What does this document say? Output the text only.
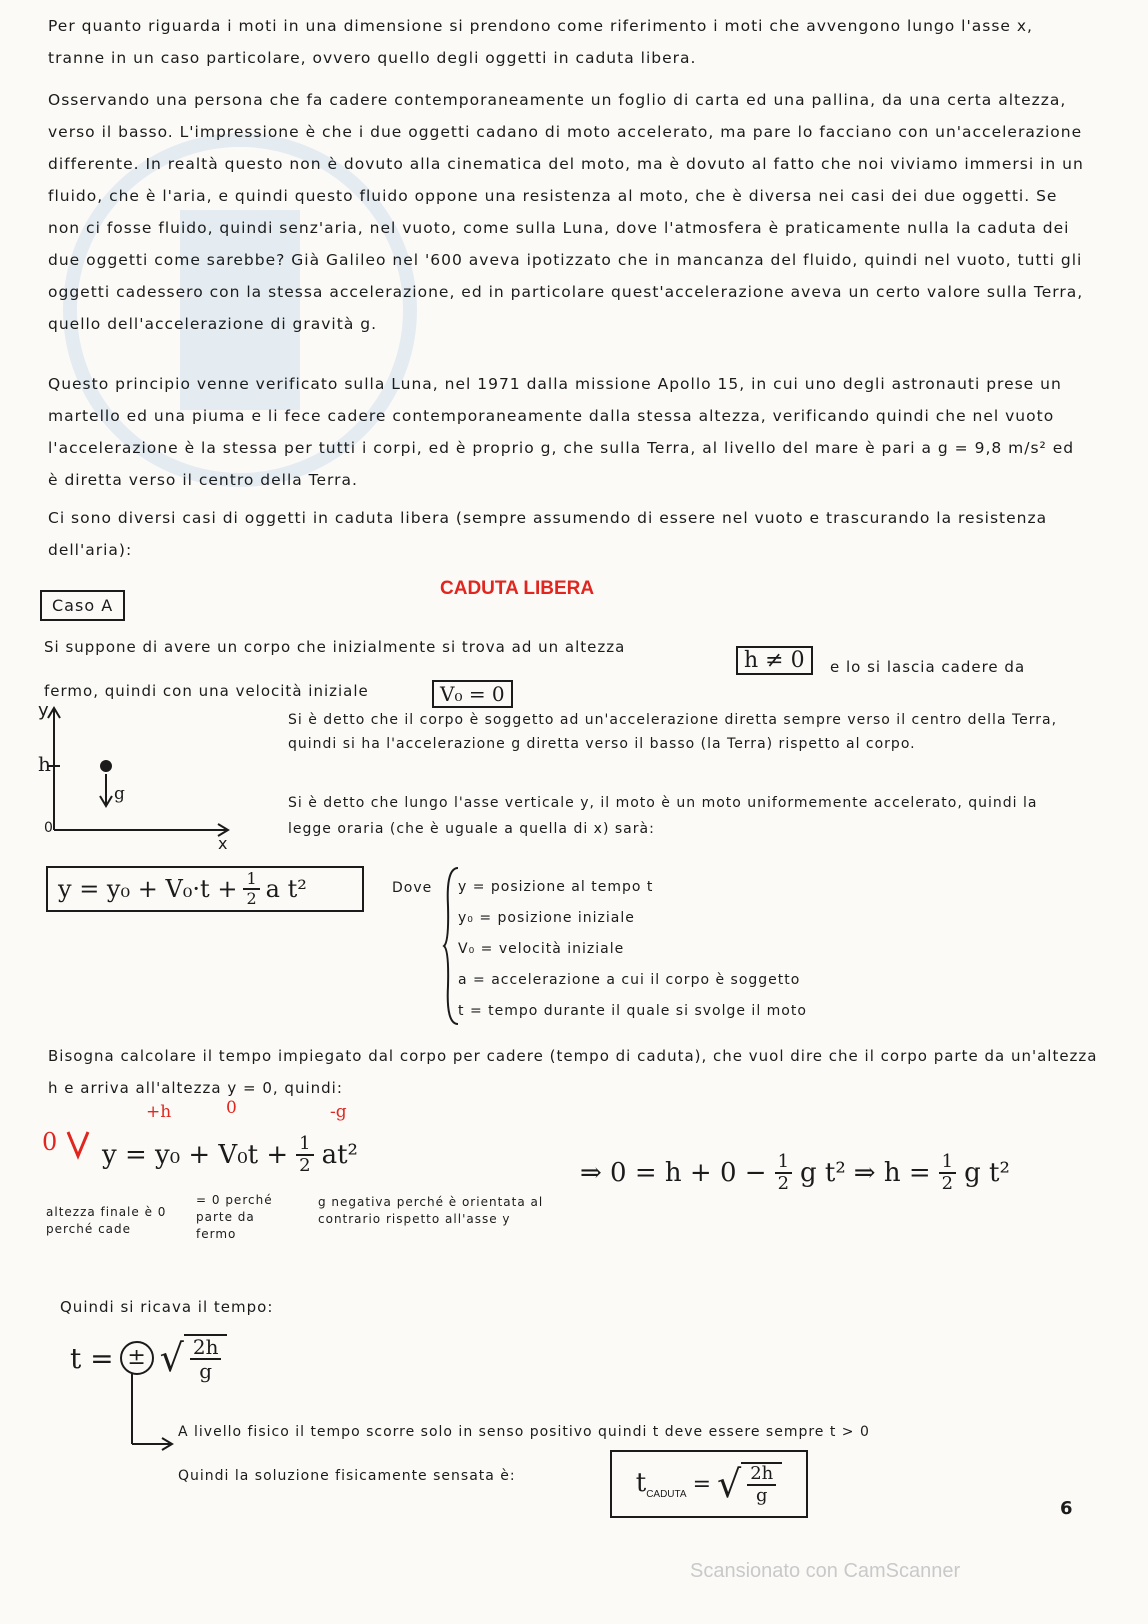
Per quanto riguarda i moti in una dimensione si prendono come riferimento i moti che avvengono lungo l'asse x, tranne in un caso particolare, ovvero quello degli oggetti in caduta libera.

Osservando una persona che fa cadere contemporaneamente un foglio di carta ed una pallina, da una certa altezza, verso il basso. L'impressione è che i due oggetti cadano di moto accelerato, ma pare lo facciano con un'accelerazione differente. In realtà questo non è dovuto alla cinematica del moto, ma è dovuto al fatto che noi viviamo immersi in un fluido, che è l'aria, e quindi questo fluido oppone una resistenza al moto, che è diversa nei casi dei due oggetti. Se non ci fosse fluido, quindi senz'aria, nel vuoto, come sulla Luna, dove l'atmosfera è praticamente nulla la caduta dei due oggetti come sarebbe? Già Galileo nel '600 aveva ipotizzato che in mancanza del fluido, quindi nel vuoto, tutti gli oggetti cadessero con la stessa accelerazione, ed in particolare quest'accelerazione aveva un certo valore sulla Terra, quello dell'accelerazione di gravità g.

Questo principio venne verificato sulla Luna, nel 1971 dalla missione Apollo 15, in cui uno degli astronauti prese un martello ed una piuma e li fece cadere contemporaneamente dalla stessa altezza, verificando quindi che nel vuoto l'accelerazione è la stessa per tutti i corpi, ed è proprio g, che sulla Terra, al livello del mare è pari a g = 9,8 m/s² ed è diretta verso il centro della Terra.

Ci sono diversi casi di oggetti in caduta libera (sempre assumendo di essere nel vuoto e trascurando la resistenza dell'aria):

CADUTA LIBERA
Caso A
Si suppone di avere un corpo che inizialmente si trova ad un altezza
h ≠ 0	e lo si lascia cadere da
fermo, quindi con una velocità iniziale	V₀ = 0
y
h
0
x
g
Si è detto che il corpo è soggetto ad un'accelerazione diretta sempre verso il centro della Terra, quindi si ha l'accelerazione g diretta verso il basso (la Terra) rispetto al corpo.
Si è detto che lungo l'asse verticale y, il moto è un moto uniformemente accelerato, quindi la legge oraria (che è uguale a quella di x) sarà:
$y = y_0 + V_0\cdot t + \frac{1}{2}$ a t²	Dove y = posizione al tempo t
y₀ = posizione iniziale
V₀ = velocità iniziale
a = accelerazione a cui il corpo è soggetto
t = tempo durante il quale si svolge il moto
Bisogna calcolare il tempo impiegato dal corpo per cadere (tempo di caduta), che vuol dire che il corpo parte da un'altezza h e arriva all'altezza y = 0, quindi:
0
+h	0	-g
$y = y_0 + V_0t + \frac{1}{2} at^2$
altezza finale è 0 perché cade
= 0 perché parte da fermo
g negativa perché è orientata al contrario rispetto all'asse y
⇒ $0 = h + 0 - \frac{1}{2}$ g t² ⇒ $h = \frac{1}{2}$ g t²
Quindi si ricava il tempo:
t = ± √ $\frac{2h}{g}$
A livello fisico il tempo scorre solo in senso positivo quindi t deve essere sempre t > 0
Quindi la soluzione fisicamente sensata è:	$t_{CADUTA}$ = √ $\frac{2h}{g}$
6
Scansionato con CamScanner
